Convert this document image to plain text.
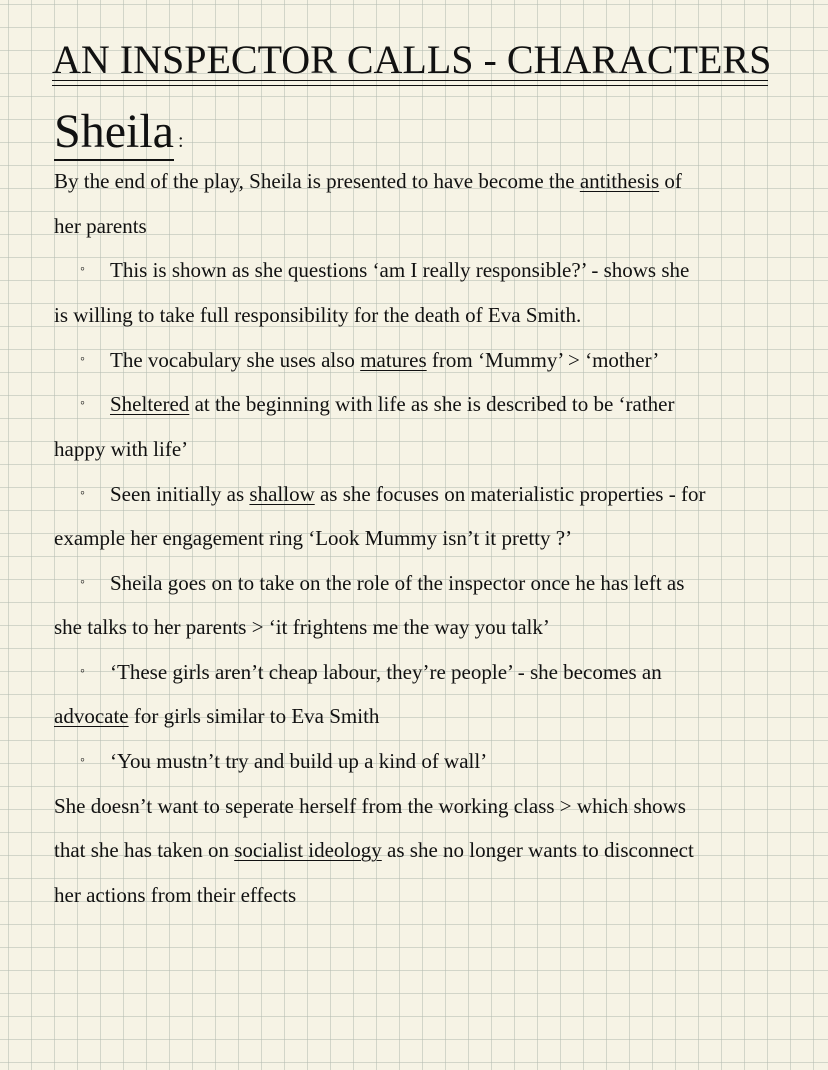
AN INSPECTOR CALLS - CHARACTERS
Sheila :
By the end of the play, Sheila is presented to have become the antithesis of
her parents
◦ This is shown as she questions ‘am I really responsible?’ - shows she
is willing to take full responsibility for the death of Eva Smith.
◦ The vocabulary she uses also matures from ‘Mummy’ > ‘mother’
◦ Sheltered at the beginning with life as she is described to be ‘rather
happy with life’
◦ Seen initially as shallow as she focuses on materialistic properties - for
example her engagement ring ‘Look Mummy isn’t it pretty ?’
◦ Sheila goes on to take on the role of the inspector once he has left as
she talks to her parents > ‘it frightens me the way you talk’
◦ ‘These girls aren’t cheap labour, they’re people’ - she becomes an
advocate for girls similar to Eva Smith
◦ ‘You mustn’t try and build up a kind of wall’
She doesn’t want to seperate herself from the working class > which shows
that she has taken on socialist ideology as she no longer wants to disconnect
her actions from their effects
